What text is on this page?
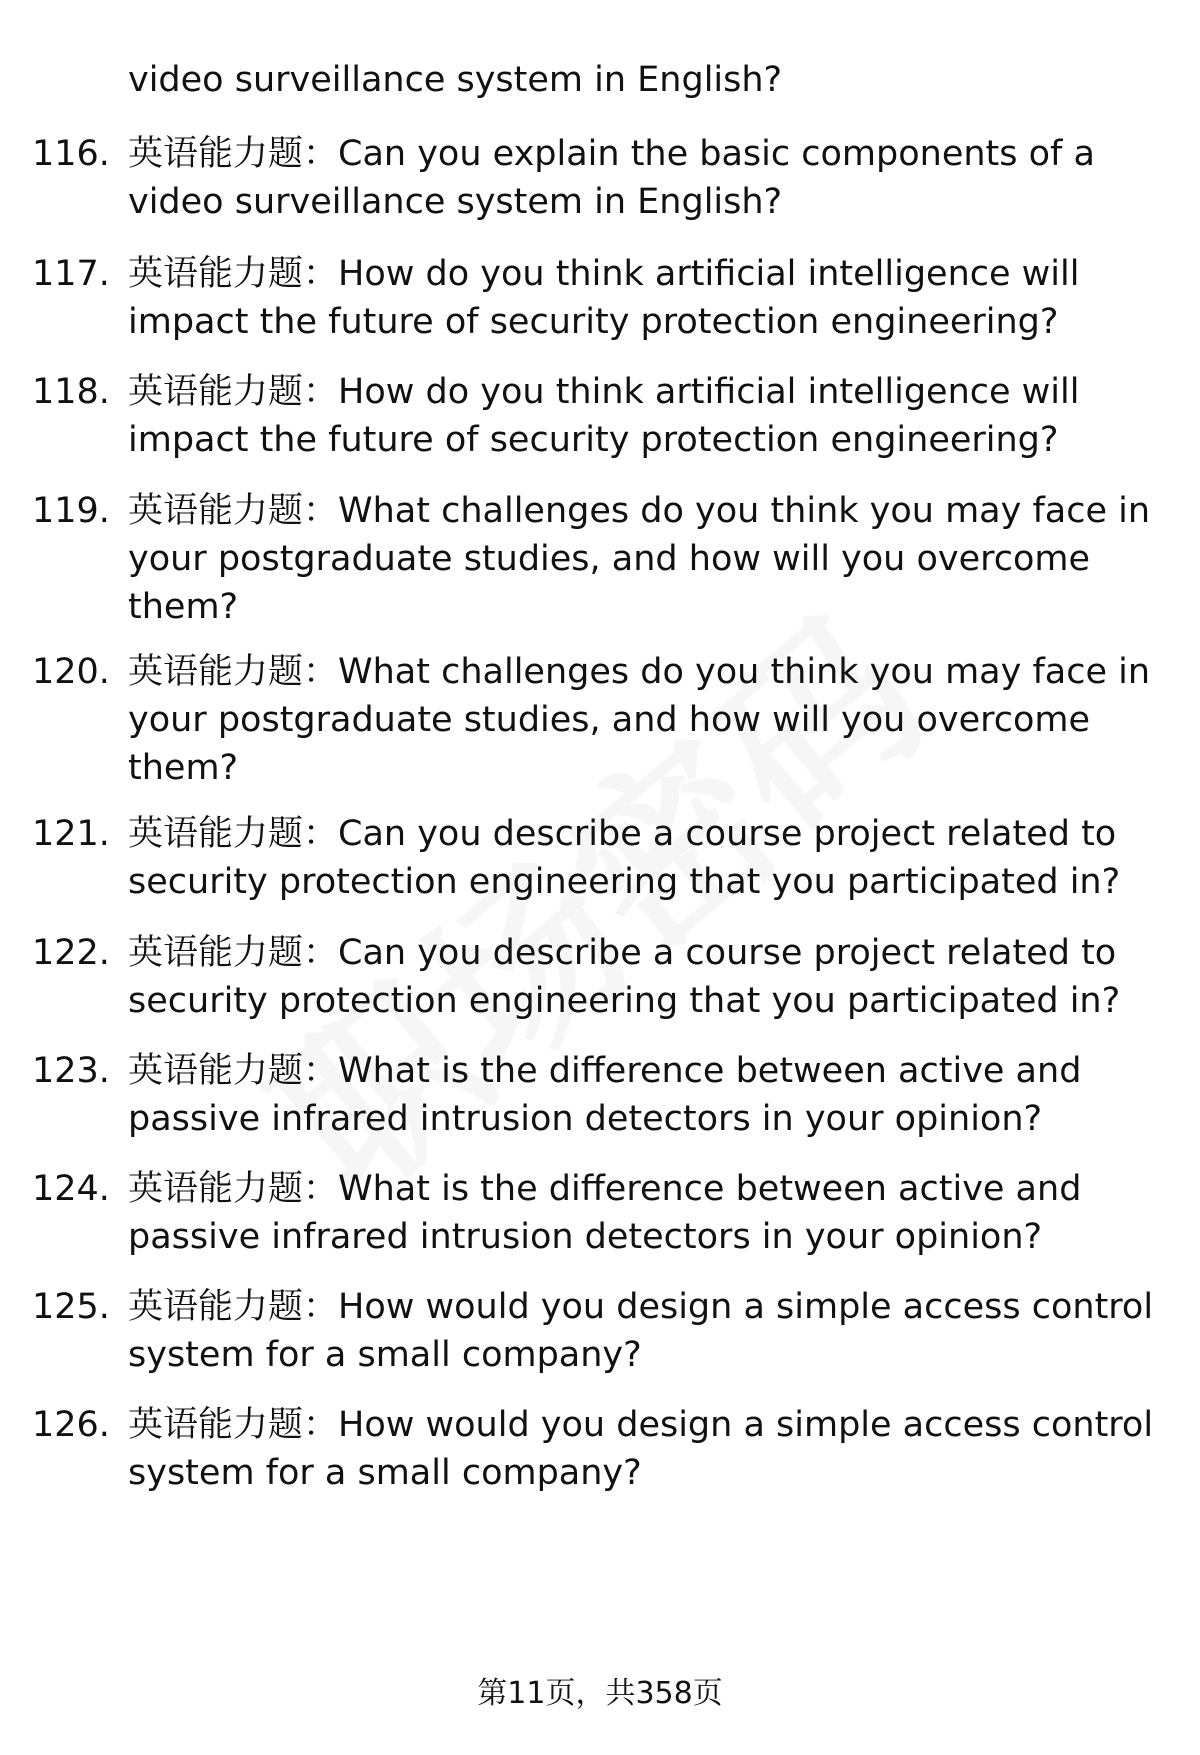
video surveillance system in English?
116. 英语能力题：Can you explain the basic components of a
video surveillance system in English?
117. 英语能力题：How do you think artificial intelligence will
impact the future of security protection engineering?
118. 英语能力题：How do you think artificial intelligence will
impact the future of security protection engineering?
119. 英语能力题：What challenges do you think you may face in
your postgraduate studies, and how will you overcome
them?
120. 英语能力题：What challenges do you think you may face in
your postgraduate studies, and how will you overcome
them?
121. 英语能力题：Can you describe a course project related to
security protection engineering that you participated in?
122. 英语能力题：Can you describe a course project related to
security protection engineering that you participated in?
123. 英语能力题：What is the difference between active and
passive infrared intrusion detectors in your opinion?
124. 英语能力题：What is the difference between active and
passive infrared intrusion detectors in your opinion?
125. 英语能力题：How would you design a simple access control
system for a small company?
126. 英语能力题：How would you design a simple access control
system for a small company?
第11页，共358页
